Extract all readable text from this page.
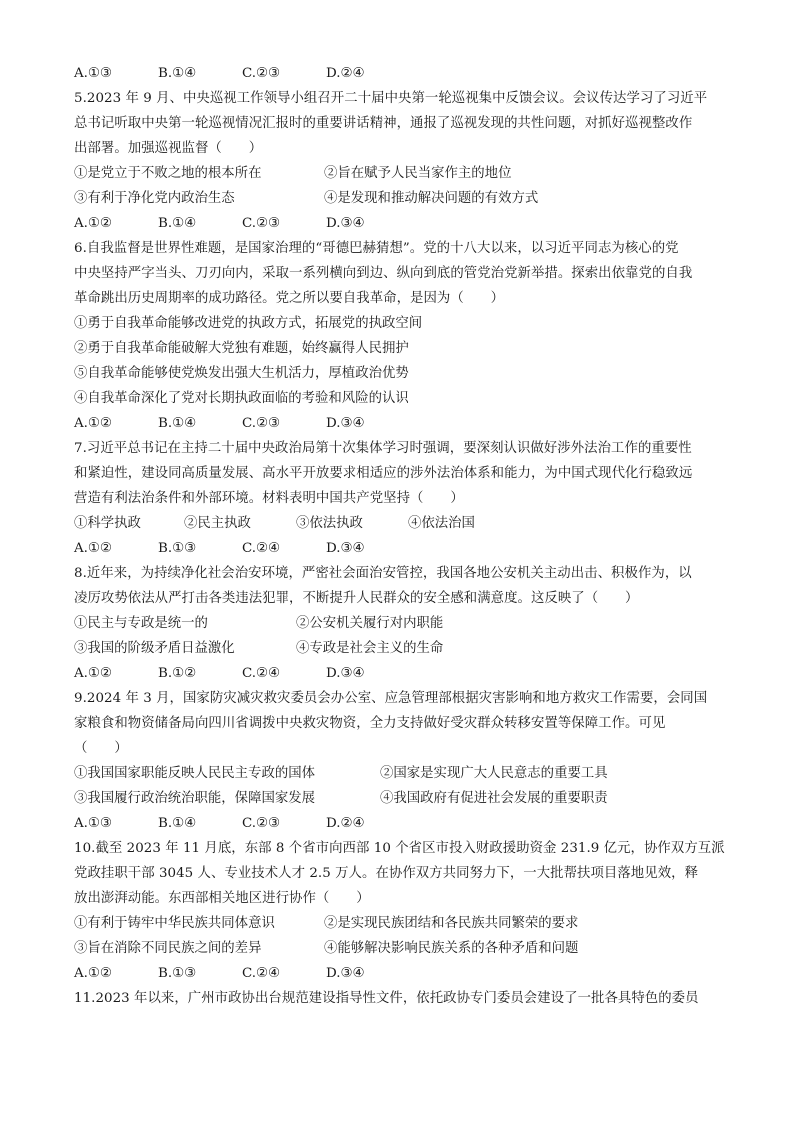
A.①③	B.①④	C.②③	D.②④
5.2023 年 9 月、中央巡视工作领导小组召开二十届中央第一轮巡视集中反馈会议。会议传达学习了习近平
总书记听取中央第一轮巡视情况汇报时的重要讲话精神，通报了巡视发现的共性问题，对抓好巡视整改作
出部署。加强巡视监督（　　）
①是党立于不败之地的根本所在	②旨在赋予人民当家作主的地位
③有利于净化党内政治生态	④是发现和推动解决问题的有效方式
A.①②	B.①④	C.②③	D.③④
6.自我监督是世界性难题，是国家治理的“哥德巴赫猜想”。党的十八大以来，以习近平同志为核心的党
中央坚持严字当头、刀刃向内，采取一系列横向到边、纵向到底的管党治党新举措。探索出依靠党的自我
革命跳出历史周期率的成功路径。党之所以要自我革命，是因为（　　）
①勇于自我革命能够改进党的执政方式，拓展党的执政空间
②勇于自我革命能破解大党独有难题，始终赢得人民拥护
⑤自我革命能够使党焕发出强大生机活力，厚植政治优势
④自我革命深化了党对长期执政面临的考验和风险的认识
A.①②	B.①④	C.②③	D.③④
7.习近平总书记在主持二十届中央政治局第十次集体学习时强调，要深刻认识做好涉外法治工作的重要性
和紧迫性，建设同高质量发展、高水平开放要求相适应的涉外法治体系和能力，为中国式现代化行稳致远
营造有利法治条件和外部环境。材料表明中国共产党坚持（　　）
①科学执政	②民主执政	③依法执政	④依法治国
A.①②	B.①③	C.②④	D.③④
8.近年来，为持续净化社会治安环境，严密社会面治安管控，我国各地公安机关主动出击、积极作为，以
凌厉攻势依法从严打击各类违法犯罪，不断提升人民群众的安全感和满意度。这反映了（　　）
①民主与专政是统一的	②公安机关履行对内职能
③我国的阶级矛盾日益激化	④专政是社会主义的生命
A.①②	B.①②	C.②④	D.③④
9.2024 年 3 月，国家防灾减灾救灾委员会办公室、应急管理部根据灾害影响和地方救灾工作需要，会同国
家粮食和物资储备局向四川省调拨中央救灾物资，全力支持做好受灾群众转移安置等保障工作。可见
（　　）
①我国国家职能反映人民民主专政的国体	②国家是实现广大人民意志的重要工具
③我国履行政治统治职能，保障国家发展	④我国政府有促进社会发展的重要职责
A.①③	B.①④	C.②③	D.②④
10.截至 2023 年 11 月底，东部 8 个省市向西部 10 个省区市投入财政援助资金 231.9 亿元，协作双方互派
党政挂职干部 3045 人、专业技术人才 2.5 万人。在协作双方共同努力下，一大批帮扶项目落地见效，释
放出澎湃动能。东西部相关地区进行协作（　　）
①有利于铸牢中华民族共同体意识	②是实现民族团结和各民族共同繁荣的要求
③旨在消除不同民族之间的差异	④能够解决影响民族关系的各种矛盾和问题
A.①②	B.①③	C.②④	D.③④
11.2023 年以来，广州市政协出台规范建设指导性文件，依托政协专门委员会建设了一批各具特色的委员
